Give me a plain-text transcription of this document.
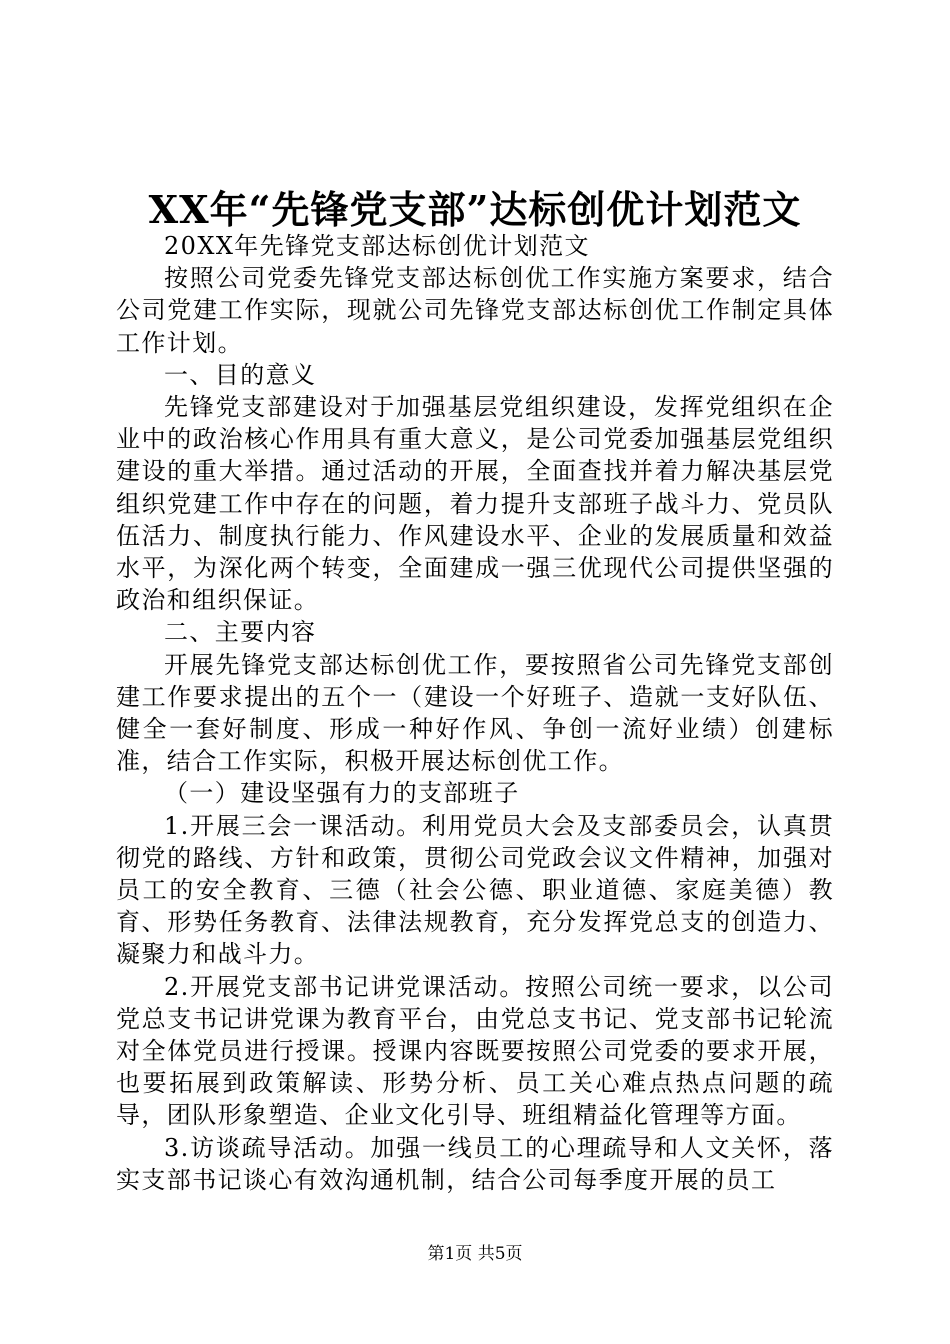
XX年“先锋党支部”达标创优计划范文

20XX年先锋党支部达标创优计划范文

按照公司党委先锋党支部达标创优工作实施方案要求，结合公司党建工作实际，现就公司先锋党支部达标创优工作制定具体工作计划。

一、目的意义

先锋党支部建设对于加强基层党组织建设，发挥党组织在企业中的政治核心作用具有重大意义，是公司党委加强基层党组织建设的重大举措。通过活动的开展，全面查找并着力解决基层党组织党建工作中存在的问题，着力提升支部班子战斗力、党员队伍活力、制度执行能力、作风建设水平、企业的发展质量和效益水平，为深化两个转变，全面建成一强三优现代公司提供坚强的政治和组织保证。

二、主要内容

开展先锋党支部达标创优工作，要按照省公司先锋党支部创建工作要求提出的五个一（建设一个好班子、造就一支好队伍、健全一套好制度、形成一种好作风、争创一流好业绩）创建标准，结合工作实际，积极开展达标创优工作。

（一）建设坚强有力的支部班子

1.开展三会一课活动。利用党员大会及支部委员会，认真贯彻党的路线、方针和政策，贯彻公司党政会议文件精神，加强对员工的安全教育、三德（社会公德、职业道德、家庭美德）教育、形势任务教育、法律法规教育，充分发挥党总支的创造力、凝聚力和战斗力。

2.开展党支部书记讲党课活动。按照公司统一要求，以公司党总支书记讲党课为教育平台，由党总支书记、党支部书记轮流对全体党员进行授课。授课内容既要按照公司党委的要求开展，也要拓展到政策解读、形势分析、员工关心难点热点问题的疏导，团队形象塑造、企业文化引导、班组精益化管理等方面。

3.访谈疏导活动。加强一线员工的心理疏导和人文关怀，落实支部书记谈心有效沟通机制，结合公司每季度开展的员工

第1页 共5页
